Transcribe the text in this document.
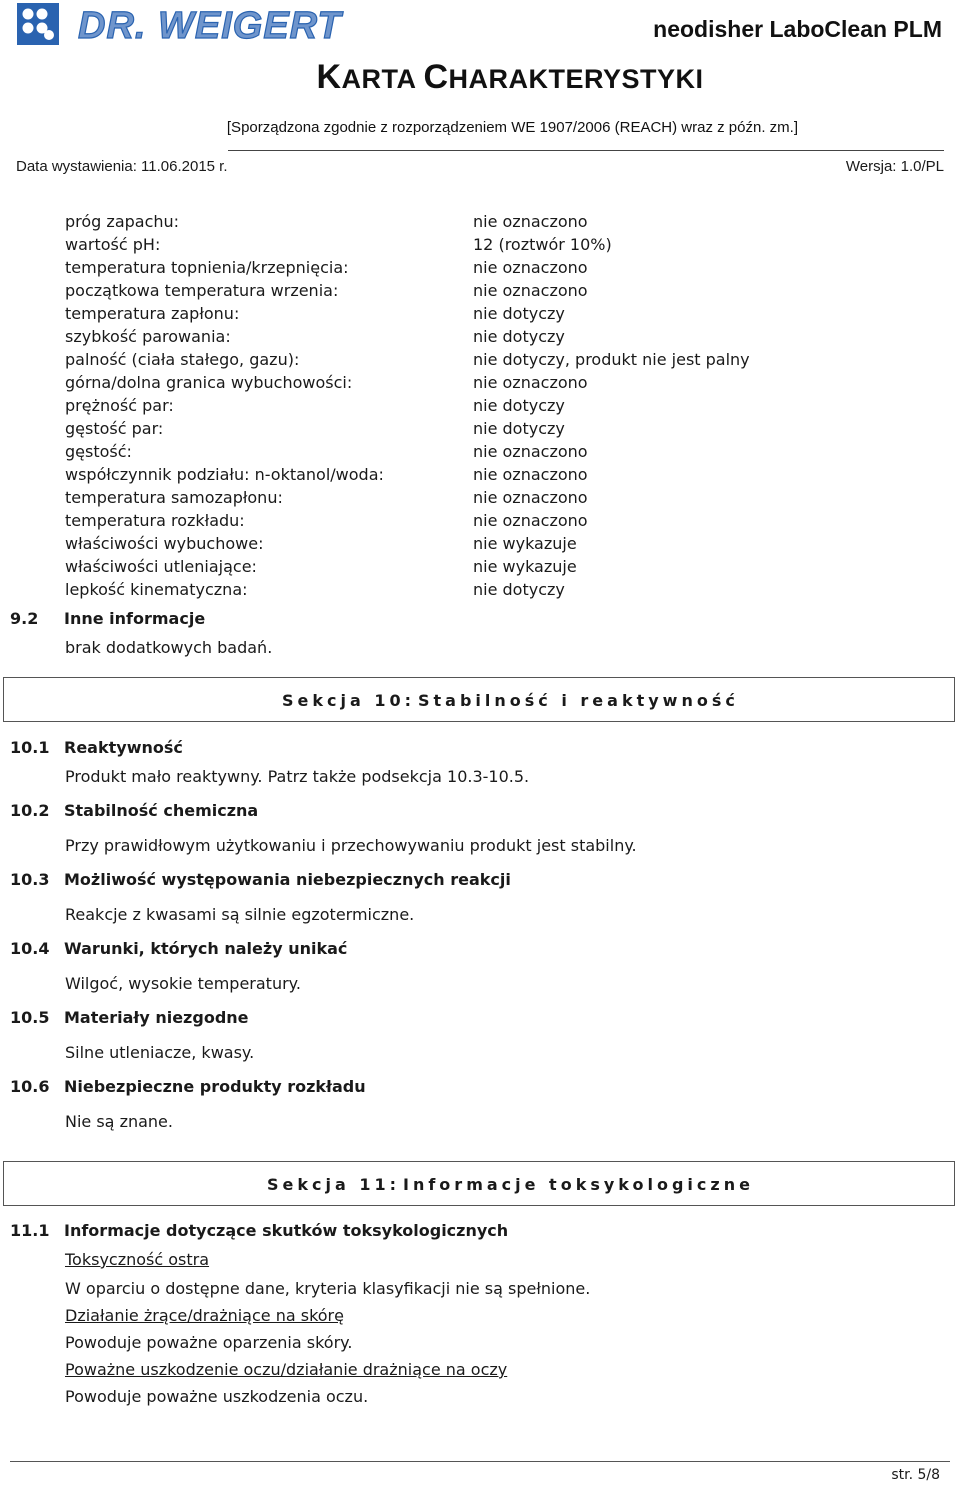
DR. WEIGERT	neodisher LaboClean PLM
KARTA CHARAKTERYSTYKI
[Sporządzona zgodnie z rozporządzeniem WE 1907/2006 (REACH) wraz z późn. zm.]
Data wystawienia: 11.06.2015 r.	Wersja: 1.0/PL
próg zapachu:	nie oznaczono
wartość pH:	12 (roztwór 10%)
temperatura topnienia/krzepnięcia:	nie oznaczono
początkowa temperatura wrzenia:	nie oznaczono
temperatura zapłonu:	nie dotyczy
szybkość parowania:	nie dotyczy
palność (ciała stałego, gazu):	nie dotyczy, produkt nie jest palny
górna/dolna granica wybuchowości:	nie oznaczono
prężność par:	nie dotyczy
gęstość par:	nie dotyczy
gęstość:	nie oznaczono
współczynnik podziału: n-oktanol/woda:	nie oznaczono
temperatura samozapłonu:	nie oznaczono
temperatura rozkładu:	nie oznaczono
właściwości wybuchowe:	nie wykazuje
właściwości utleniające:	nie wykazuje
lepkość kinematyczna:	nie dotyczy
9.2 Inne informacje
brak dodatkowych badań.
Sekcja 10: Stabilność i reaktywność
10.1 Reaktywność
Produkt mało reaktywny. Patrz także podsekcja 10.3-10.5.
10.2 Stabilność chemiczna
Przy prawidłowym użytkowaniu i przechowywaniu produkt jest stabilny.
10.3 Możliwość występowania niebezpiecznych reakcji
Reakcje z kwasami są silnie egzotermiczne.
10.4 Warunki, których należy unikać
Wilgoć, wysokie temperatury.
10.5 Materiały niezgodne
Silne utleniacze, kwasy.
10.6 Niebezpieczne produkty rozkładu
Nie są znane.
Sekcja 11: Informacje toksykologiczne
11.1 Informacje dotyczące skutków toksykologicznych
Toksyczność ostra
W oparciu o dostępne dane, kryteria klasyfikacji nie są spełnione.
Działanie żrące/drażniące na skórę
Powoduje poważne oparzenia skóry.
Poważne uszkodzenie oczu/działanie drażniące na oczy
Powoduje poważne uszkodzenia oczu.
str. 5/8
